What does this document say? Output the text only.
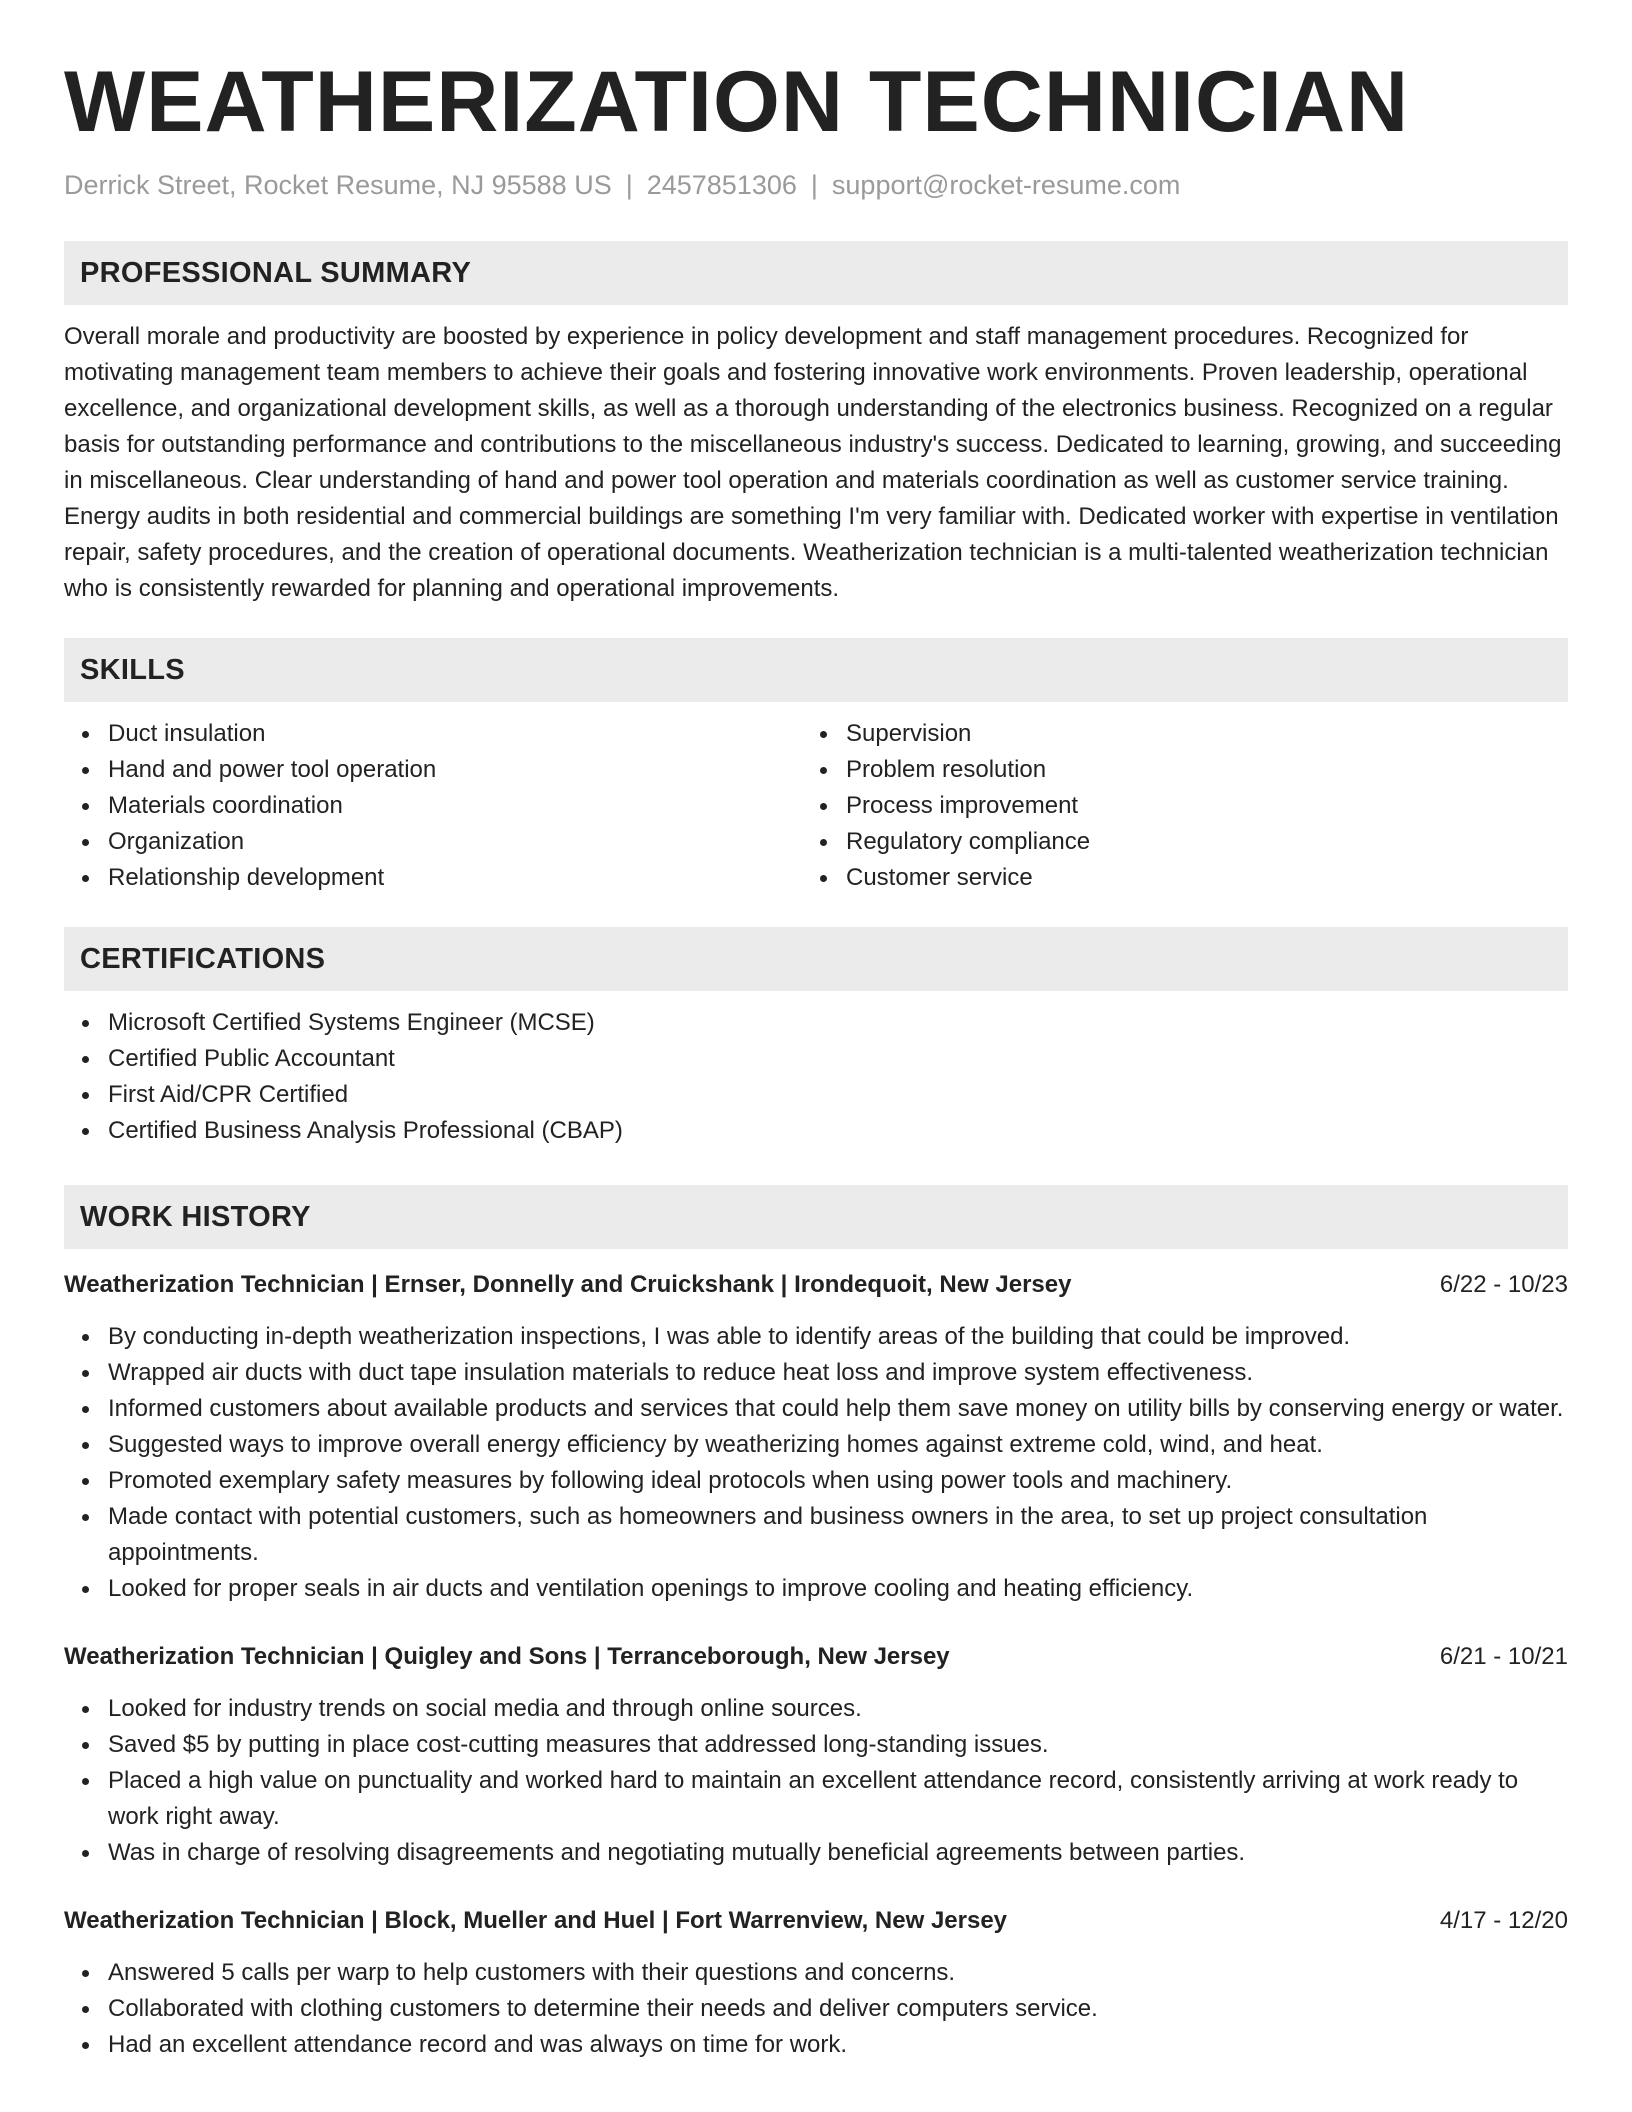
WEATHERIZATION TECHNICIAN
Derrick Street, Rocket Resume, NJ 95588 US | 2457851306 | support@rocket-resume.com
PROFESSIONAL SUMMARY

Overall morale and productivity are boosted by experience in policy development and staff management procedures. Recognized for motivating management team members to achieve their goals and fostering innovative work environments. Proven leadership, operational excellence, and organizational development skills, as well as a thorough understanding of the electronics business. Recognized on a regular basis for outstanding performance and contributions to the miscellaneous industry's success. Dedicated to learning, growing, and succeeding in miscellaneous. Clear understanding of hand and power tool operation and materials coordination as well as customer service training. Energy audits in both residential and commercial buildings are something I'm very familiar with. Dedicated worker with expertise in ventilation repair, safety procedures, and the creation of operational documents. Weatherization technician is a multi-talented weatherization technician who is consistently rewarded for planning and operational improvements.

SKILLS
Duct insulation
Hand and power tool operation
Materials coordination
Organization
Relationship development
Supervision
Problem resolution
Process improvement
Regulatory compliance
Customer service
CERTIFICATIONS
Microsoft Certified Systems Engineer (MCSE)
Certified Public Accountant
First Aid/CPR Certified
Certified Business Analysis Professional (CBAP)
WORK HISTORY
Weatherization Technician | Ernser, Donnelly and Cruickshank | Irondequoit, New Jersey	6/22 - 10/23
By conducting in-depth weatherization inspections, I was able to identify areas of the building that could be improved.
Wrapped air ducts with duct tape insulation materials to reduce heat loss and improve system effectiveness.
Informed customers about available products and services that could help them save money on utility bills by conserving energy or water.
Suggested ways to improve overall energy efficiency by weatherizing homes against extreme cold, wind, and heat.
Promoted exemplary safety measures by following ideal protocols when using power tools and machinery.
Made contact with potential customers, such as homeowners and business owners in the area, to set up project consultation appointments.
Looked for proper seals in air ducts and ventilation openings to improve cooling and heating efficiency.
Weatherization Technician | Quigley and Sons | Terranceborough, New Jersey	6/21 - 10/21
Looked for industry trends on social media and through online sources.
Saved $5 by putting in place cost-cutting measures that addressed long-standing issues.
Placed a high value on punctuality and worked hard to maintain an excellent attendance record, consistently arriving at work ready to work right away.
Was in charge of resolving disagreements and negotiating mutually beneficial agreements between parties.
Weatherization Technician | Block, Mueller and Huel | Fort Warrenview, New Jersey	4/17 - 12/20
Answered 5 calls per warp to help customers with their questions and concerns.
Collaborated with clothing customers to determine their needs and deliver computers service.
Had an excellent attendance record and was always on time for work.
